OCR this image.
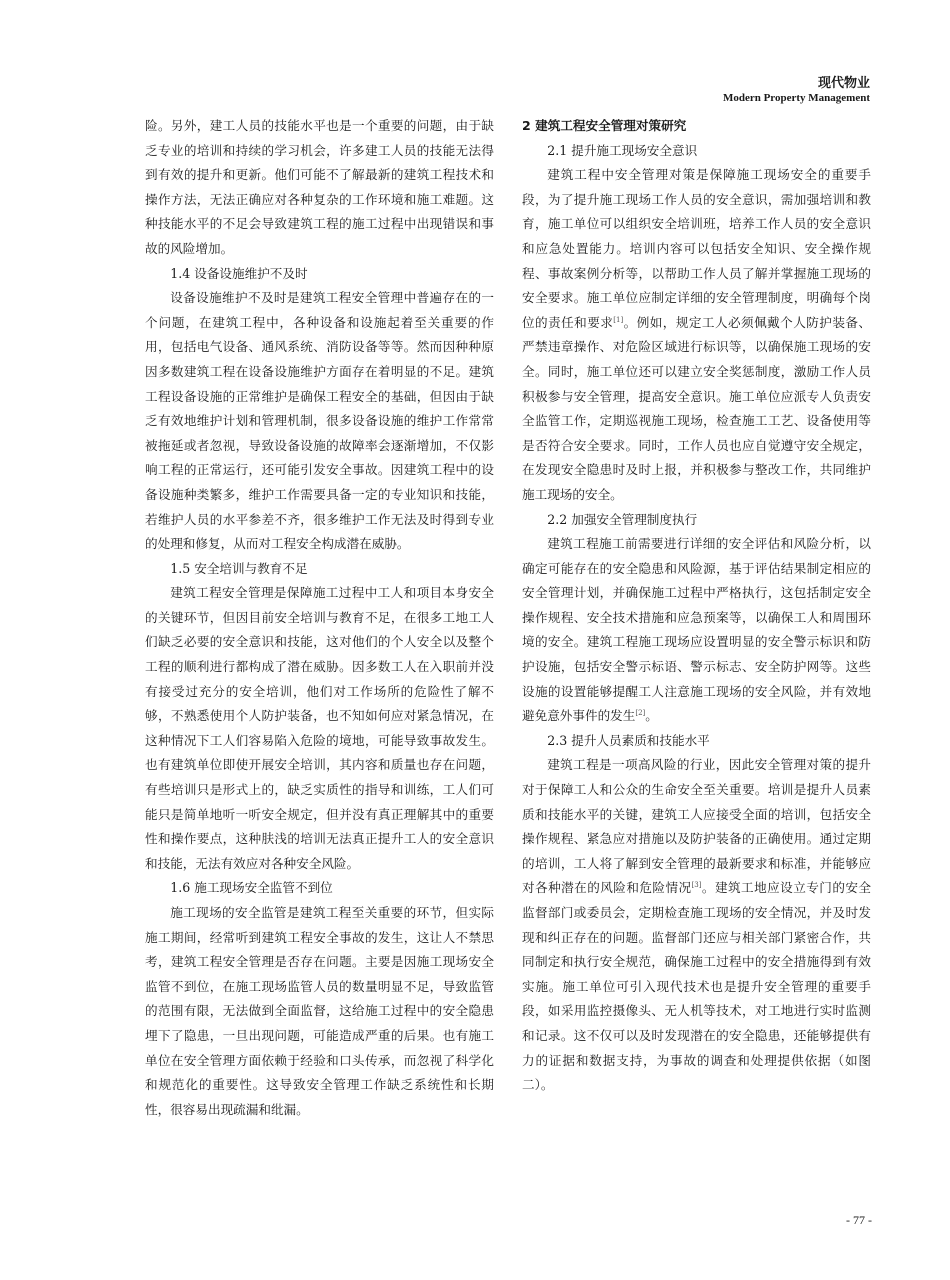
现代物业
Modern Property Management

险。另外，建工人员的技能水平也是一个重要的问题，由于缺乏专业的培训和持续的学习机会，许多建工人员的技能无法得到有效的提升和更新。他们可能不了解最新的建筑工程技术和操作方法，无法正确应对各种复杂的工作环境和施工难题。这种技能水平的不足会导致建筑工程的施工过程中出现错误和事故的风险增加。

1.4 设备设施维护不及时

设备设施维护不及时是建筑工程安全管理中普遍存在的一个问题，在建筑工程中，各种设备和设施起着至关重要的作用，包括电气设备、通风系统、消防设备等等。然而因种种原因多数建筑工程在设备设施维护方面存在着明显的不足。建筑工程设备设施的正常维护是确保工程安全的基础，但因由于缺乏有效地维护计划和管理机制，很多设备设施的维护工作常常被拖延或者忽视，导致设备设施的故障率会逐渐增加，不仅影响工程的正常运行，还可能引发安全事故。因建筑工程中的设备设施种类繁多，维护工作需要具备一定的专业知识和技能，若维护人员的水平参差不齐，很多维护工作无法及时得到专业的处理和修复，从而对工程安全构成潜在威胁。

1.5 安全培训与教育不足

建筑工程安全管理是保障施工过程中工人和项目本身安全的关键环节，但因目前安全培训与教育不足，在很多工地工人们缺乏必要的安全意识和技能，这对他们的个人安全以及整个工程的顺利进行都构成了潜在威胁。因多数工人在入职前并没有接受过充分的安全培训，他们对工作场所的危险性了解不够，不熟悉使用个人防护装备，也不知如何应对紧急情况，在这种情况下工人们容易陷入危险的境地，可能导致事故发生。也有建筑单位即使开展安全培训，其内容和质量也存在问题，有些培训只是形式上的，缺乏实质性的指导和训练，工人们可能只是简单地听一听安全规定，但并没有真正理解其中的重要性和操作要点，这种肤浅的培训无法真正提升工人的安全意识和技能，无法有效应对各种安全风险。

1.6 施工现场安全监管不到位

施工现场的安全监管是建筑工程至关重要的环节，但实际施工期间，经常听到建筑工程安全事故的发生，这让人不禁思考，建筑工程安全管理是否存在问题。主要是因施工现场安全监管不到位，在施工现场监管人员的数量明显不足，导致监管的范围有限，无法做到全面监督，这给施工过程中的安全隐患埋下了隐患，一旦出现问题，可能造成严重的后果。也有施工单位在安全管理方面依赖于经验和口头传承，而忽视了科学化和规范化的重要性。这导致安全管理工作缺乏系统性和长期性，很容易出现疏漏和纰漏。

2 建筑工程安全管理对策研究

2.1 提升施工现场安全意识

建筑工程中安全管理对策是保障施工现场安全的重要手段，为了提升施工现场工作人员的安全意识，需加强培训和教育，施工单位可以组织安全培训班，培养工作人员的安全意识和应急处置能力。培训内容可以包括安全知识、安全操作规程、事故案例分析等，以帮助工作人员了解并掌握施工现场的安全要求。施工单位应制定详细的安全管理制度，明确每个岗位的责任和要求[1]。例如，规定工人必须佩戴个人防护装备、严禁违章操作、对危险区域进行标识等，以确保施工现场的安全。同时，施工单位还可以建立安全奖惩制度，激励工作人员积极参与安全管理，提高安全意识。施工单位应派专人负责安全监管工作，定期巡视施工现场，检查施工工艺、设备使用等是否符合安全要求。同时，工作人员也应自觉遵守安全规定，在发现安全隐患时及时上报，并积极参与整改工作，共同维护施工现场的安全。

2.2 加强安全管理制度执行

建筑工程施工前需要进行详细的安全评估和风险分析，以确定可能存在的安全隐患和风险源，基于评估结果制定相应的安全管理计划，并确保施工过程中严格执行，这包括制定安全操作规程、安全技术措施和应急预案等，以确保工人和周围环境的安全。建筑工程施工现场应设置明显的安全警示标识和防护设施，包括安全警示标语、警示标志、安全防护网等。这些设施的设置能够提醒工人注意施工现场的安全风险，并有效地避免意外事件的发生[2]。

2.3 提升人员素质和技能水平

建筑工程是一项高风险的行业，因此安全管理对策的提升对于保障工人和公众的生命安全至关重要。培训是提升人员素质和技能水平的关键，建筑工人应接受全面的培训，包括安全操作规程、紧急应对措施以及防护装备的正确使用。通过定期的培训，工人将了解到安全管理的最新要求和标准，并能够应对各种潜在的风险和危险情况[3]。建筑工地应设立专门的安全监督部门或委员会，定期检查施工现场的安全情况，并及时发现和纠正存在的问题。监督部门还应与相关部门紧密合作，共同制定和执行安全规范，确保施工过程中的安全措施得到有效实施。施工单位可引入现代技术也是提升安全管理的重要手段，如采用监控摄像头、无人机等技术，对工地进行实时监测和记录。这不仅可以及时发现潜在的安全隐患，还能够提供有力的证据和数据支持，为事故的调查和处理提供依据（如图二）。

- 77 -
